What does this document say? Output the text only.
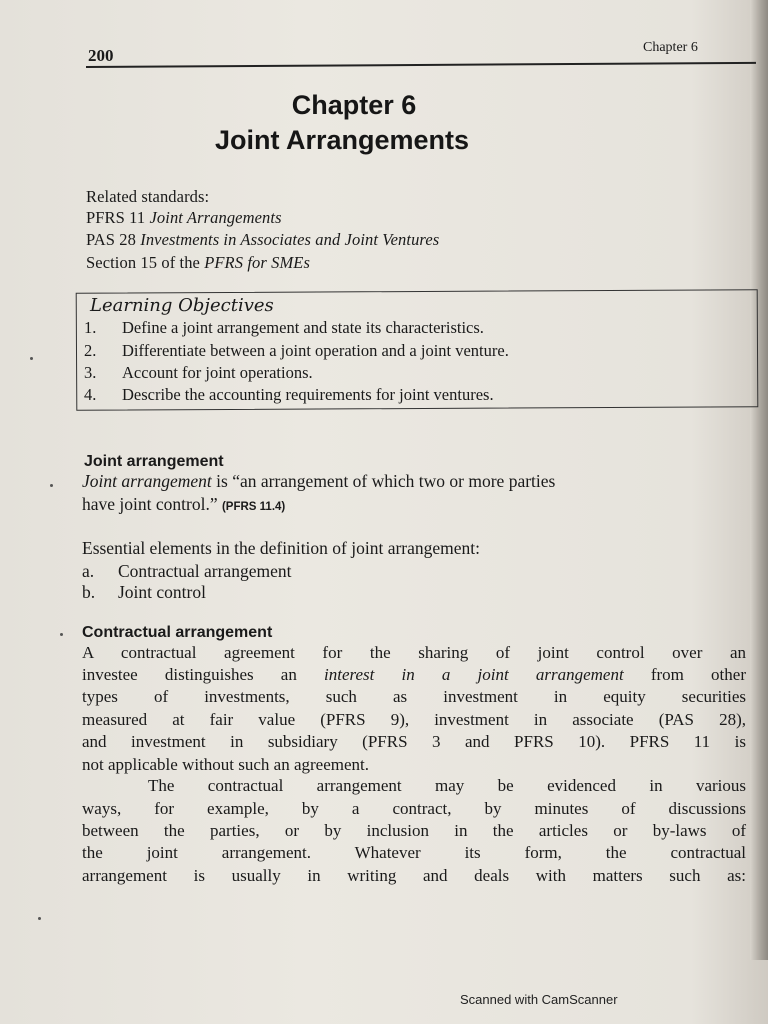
200	Chapter 6
Chapter 6
Joint Arrangements
Related standards:
PFRS 11 Joint Arrangements
PAS 28 Investments in Associates and Joint Ventures
Section 15 of the PFRS for SMEs
Learning Objectives
1. Define a joint arrangement and state its characteristics.
2. Differentiate between a joint operation and a joint venture.
3. Account for joint operations.
4. Describe the accounting requirements for joint ventures.
Joint arrangement
Joint arrangement is “an arrangement of which two or more parties
have joint control.” (PFRS 11.4)
Essential elements in the definition of joint arrangement:
a. Contractual arrangement
b. Joint control
Contractual arrangement
A contractual agreement for the sharing of joint control over an
investee distinguishes an interest in a joint arrangement from other
types of investments, such as investment in equity securities
measured at fair value (PFRS 9), investment in associate (PAS 28),
and investment in subsidiary (PFRS 3 and PFRS 10). PFRS 11 is
not applicable without such an agreement.
The contractual arrangement may be evidenced in various
ways, for example, by a contract, by minutes of discussions
between the parties, or by inclusion in the articles or by-laws of
the joint arrangement. Whatever its form, the contractual
arrangement is usually in writing and deals with matters such as:
Scanned with CamScanner
